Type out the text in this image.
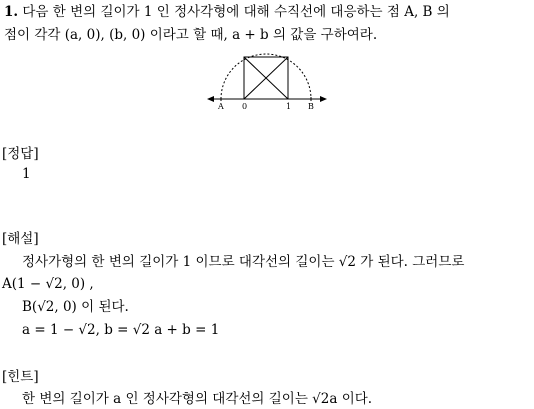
1. 다음 한 변의 길이가 1 인 정사각형에 대해 수직선에 대응하는 점 A, B 의
점이 각각 (a, 0), (b, 0) 이라고 할 때, a + b 의 값을 구하여라.
A 0	1 B
[정답]
1
[해설]
정사가형의 한 변의 길이가 1 이므로 대각선의 길이는 √2 가 된다. 그러므로
A(1 − √2, 0) ,
B(√2, 0) 이 된다.
a = 1 − √2, b = √2 a + b = 1
[힌트]
한 변의 길이가 a 인 정사각형의 대각선의 길이는 √2a 이다.
